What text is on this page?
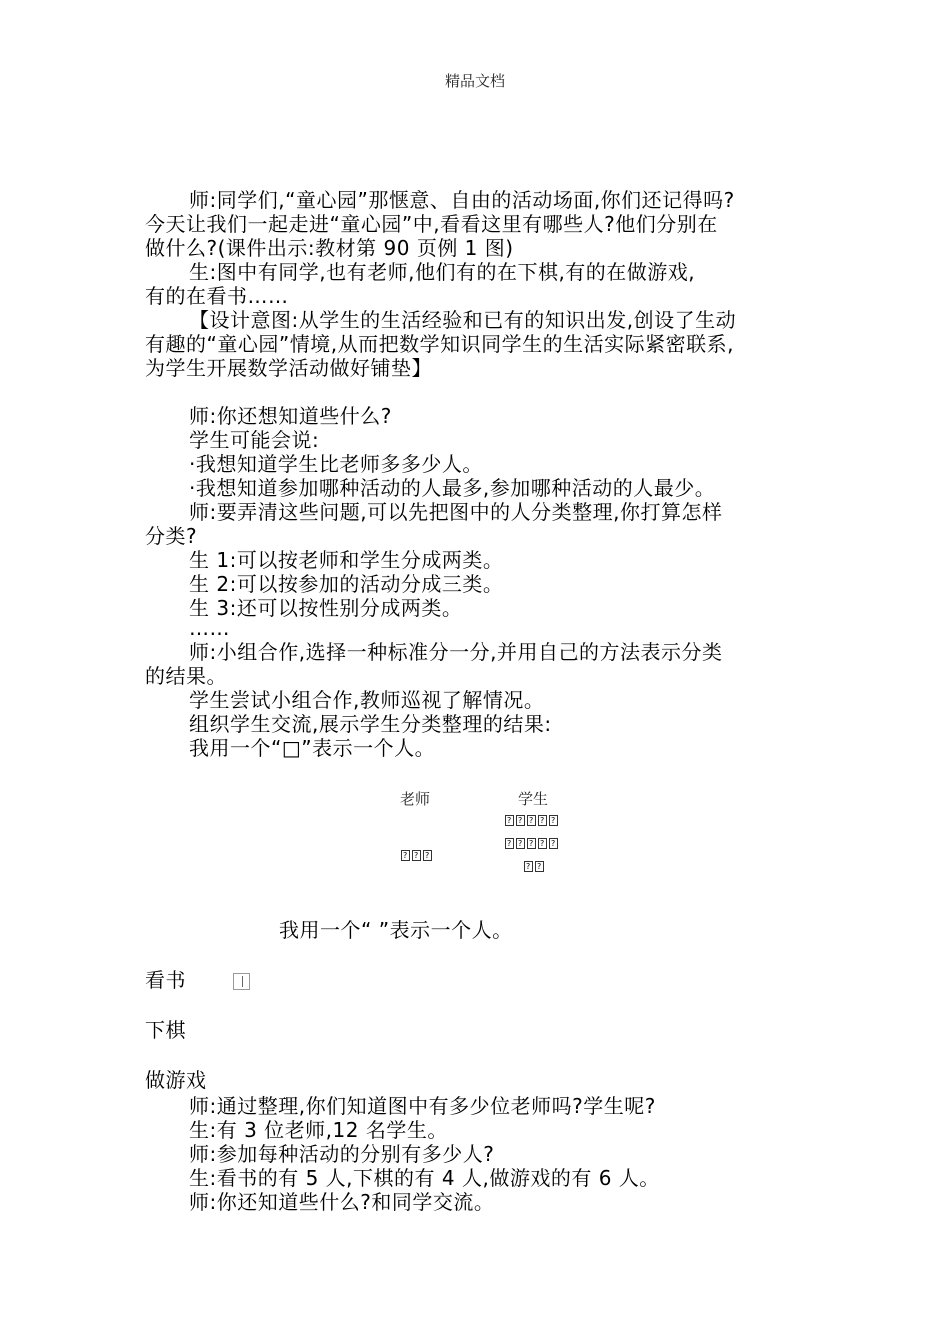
精品文档
师:同学们,“童心园”那惬意、自由的活动场面,你们还记得吗?
今天让我们一起走进“童心园”中,看看这里有哪些人?他们分别在
做什么?(课件出示:教材第 90 页例 1 图)
生:图中有同学,也有老师,他们有的在下棋,有的在做游戏,
有的在看书……
【设计意图:从学生的生活经验和已有的知识出发,创设了生动
有趣的“童心园”情境,从而把数学知识同学生的生活实际紧密联系,
为学生开展数学活动做好铺垫】
师:你还想知道些什么?
学生可能会说:
·我想知道学生比老师多多少人。
·我想知道参加哪种活动的人最多,参加哪种活动的人最少。
师:要弄清这些问题,可以先把图中的人分类整理,你打算怎样
分类?
生 1:可以按老师和学生分成两类。
生 2:可以按参加的活动分成三类。
生 3:还可以按性别分成两类。
……
师:小组合作,选择一种标准分一分,并用自己的方法表示分类
的结果。
学生尝试小组合作,教师巡视了解情况。
组织学生交流,展示学生分类整理的结果:
我用一个“□”表示一个人。
老师	学生
?
?
?
?
?
?
?
?
?
?
?
?
?
?
?
我用一个“ ”表示一个人。
看书
下棋
做游戏
师:通过整理,你们知道图中有多少位老师吗?学生呢?
生:有 3 位老师,12 名学生。
师:参加每种活动的分别有多少人?
生:看书的有 5 人,下棋的有 4 人,做游戏的有 6 人。
师:你还知道些什么?和同学交流。
